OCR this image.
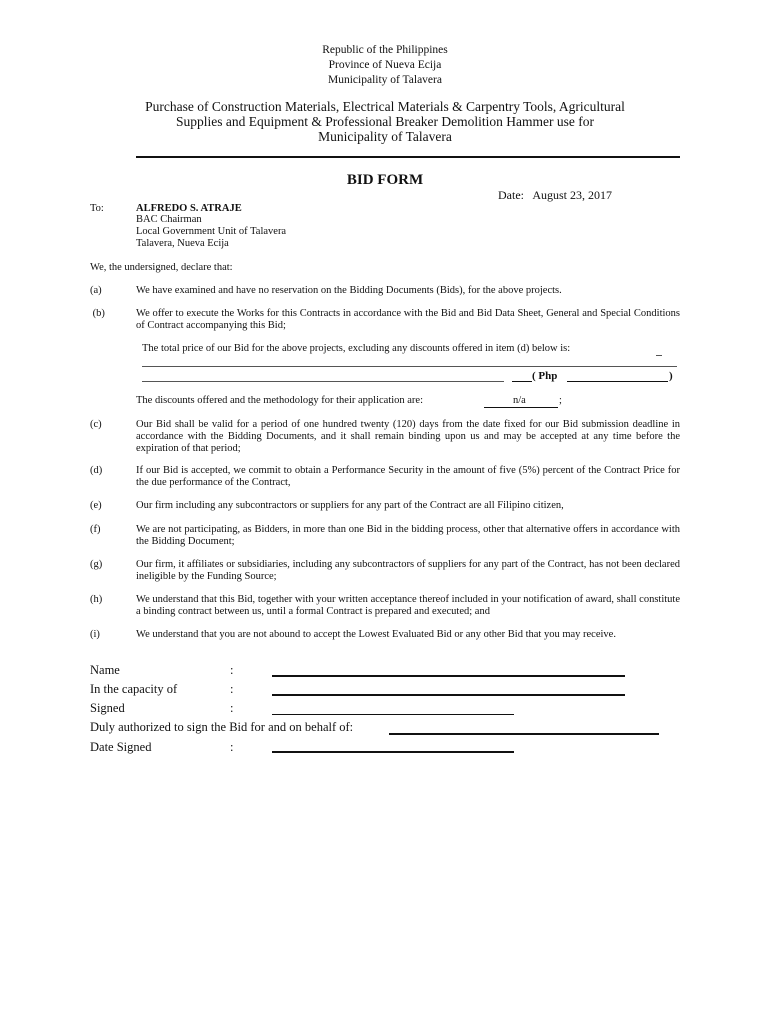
Republic of the Philippines
Province of Nueva Ecija
Municipality of Talavera
Purchase of Construction Materials, Electrical Materials & Carpentry Tools, Agricultural
Supplies and Equipment & Professional Breaker Demolition Hammer use for
Municipality of Talavera
BID FORM
Date:   August 23, 2017
To:	ALFREDO S. ATRAJE
BAC Chairman
Local Government Unit of Talavera
Talavera, Nueva Ecija
We, the undersigned, declare that:
(a)	We have examined and have no reservation on the Bidding Documents (Bids), for the above projects.
(b)	We offer to execute the Works for this Contracts in accordance with the Bid and Bid Data Sheet, General and Special Conditions of Contract accompanying this Bid;
The total price of our Bid for the above projects, excluding any discounts offered in item (d) below is:
( Php	)
The discounts offered and the methodology for their application are:	n/a	;
(c)	Our Bid shall be valid for a period of one hundred twenty (120) days from the date fixed for our Bid submission deadline in accordance with the Bidding Documents, and it shall remain binding upon us and may be accepted at any time before the expiration of that period;
(d)	If our Bid is accepted, we commit to obtain a Performance Security in the amount of five (5%) percent of the Contract Price for the due performance of the Contract,
(e)	Our firm including any subcontractors or suppliers for any part of the Contract are all Filipino citizen,
(f)	We are not participating, as Bidders, in more than one Bid in the bidding process, other that alternative offers in accordance with the Bidding Document;
(g)	Our firm, it affiliates or subsidiaries, including any subcontractors of suppliers for any part of the Contract, has not been declared ineligible by the Funding Source;
(h)	We understand that this Bid, together with your written acceptance thereof included in your notification of award, shall constitute a binding contract between us, until a formal Contract is prepared and executed; and
(i)	We understand that you are not abound to accept the Lowest Evaluated Bid or any other Bid that you may receive.
Name	:
In the capacity of	:
Signed	:
Duly authorized to sign the Bid for and on behalf of:
Date Signed	:
